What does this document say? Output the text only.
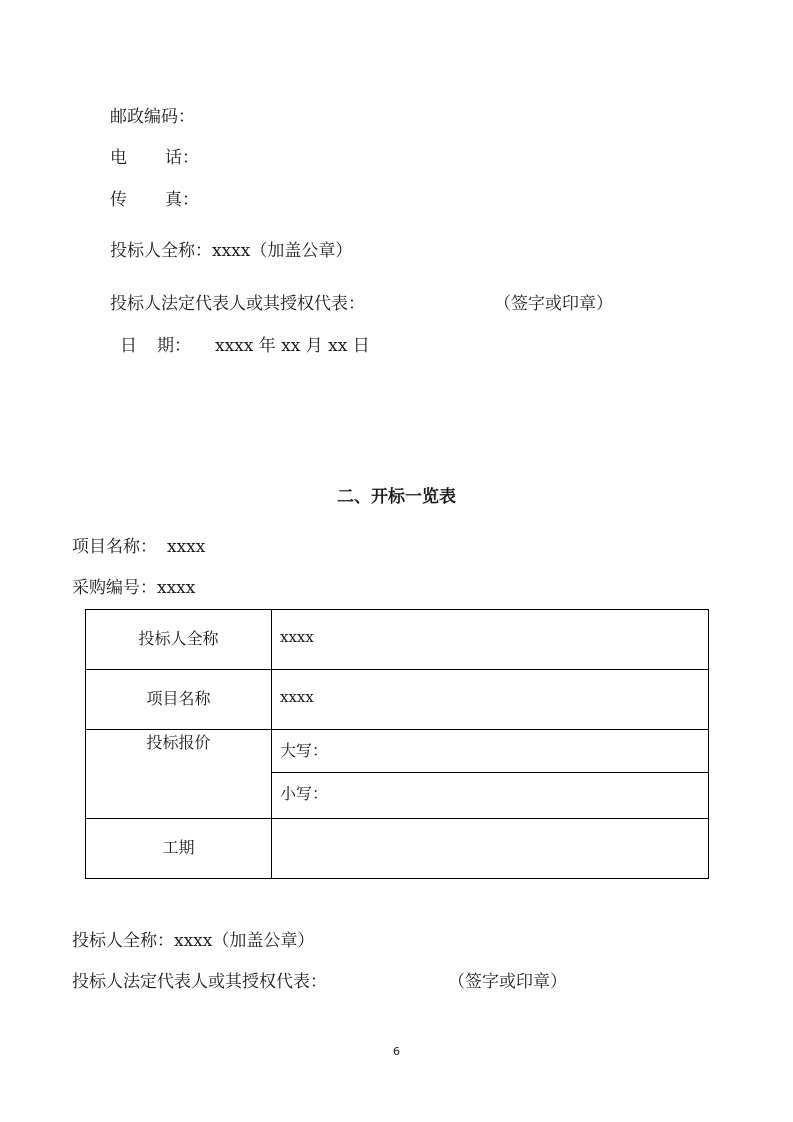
邮政编码：
电 话：
传 真：
投标人全称：xxxx（加盖公章）
投标人法定代表人或其授权代表：	（签字或印章）
日 期： xxxx 年 xx 月 xx 日
二、开标一览表
项目名称： xxxx
采购编号： xxxx
投标人全称	xxxx
项目名称	xxxx
投标报价	大写：
	小写：
工期	
投标人全称：xxxx（加盖公章）
投标人法定代表人或其授权代表：	（签字或印章）
6
